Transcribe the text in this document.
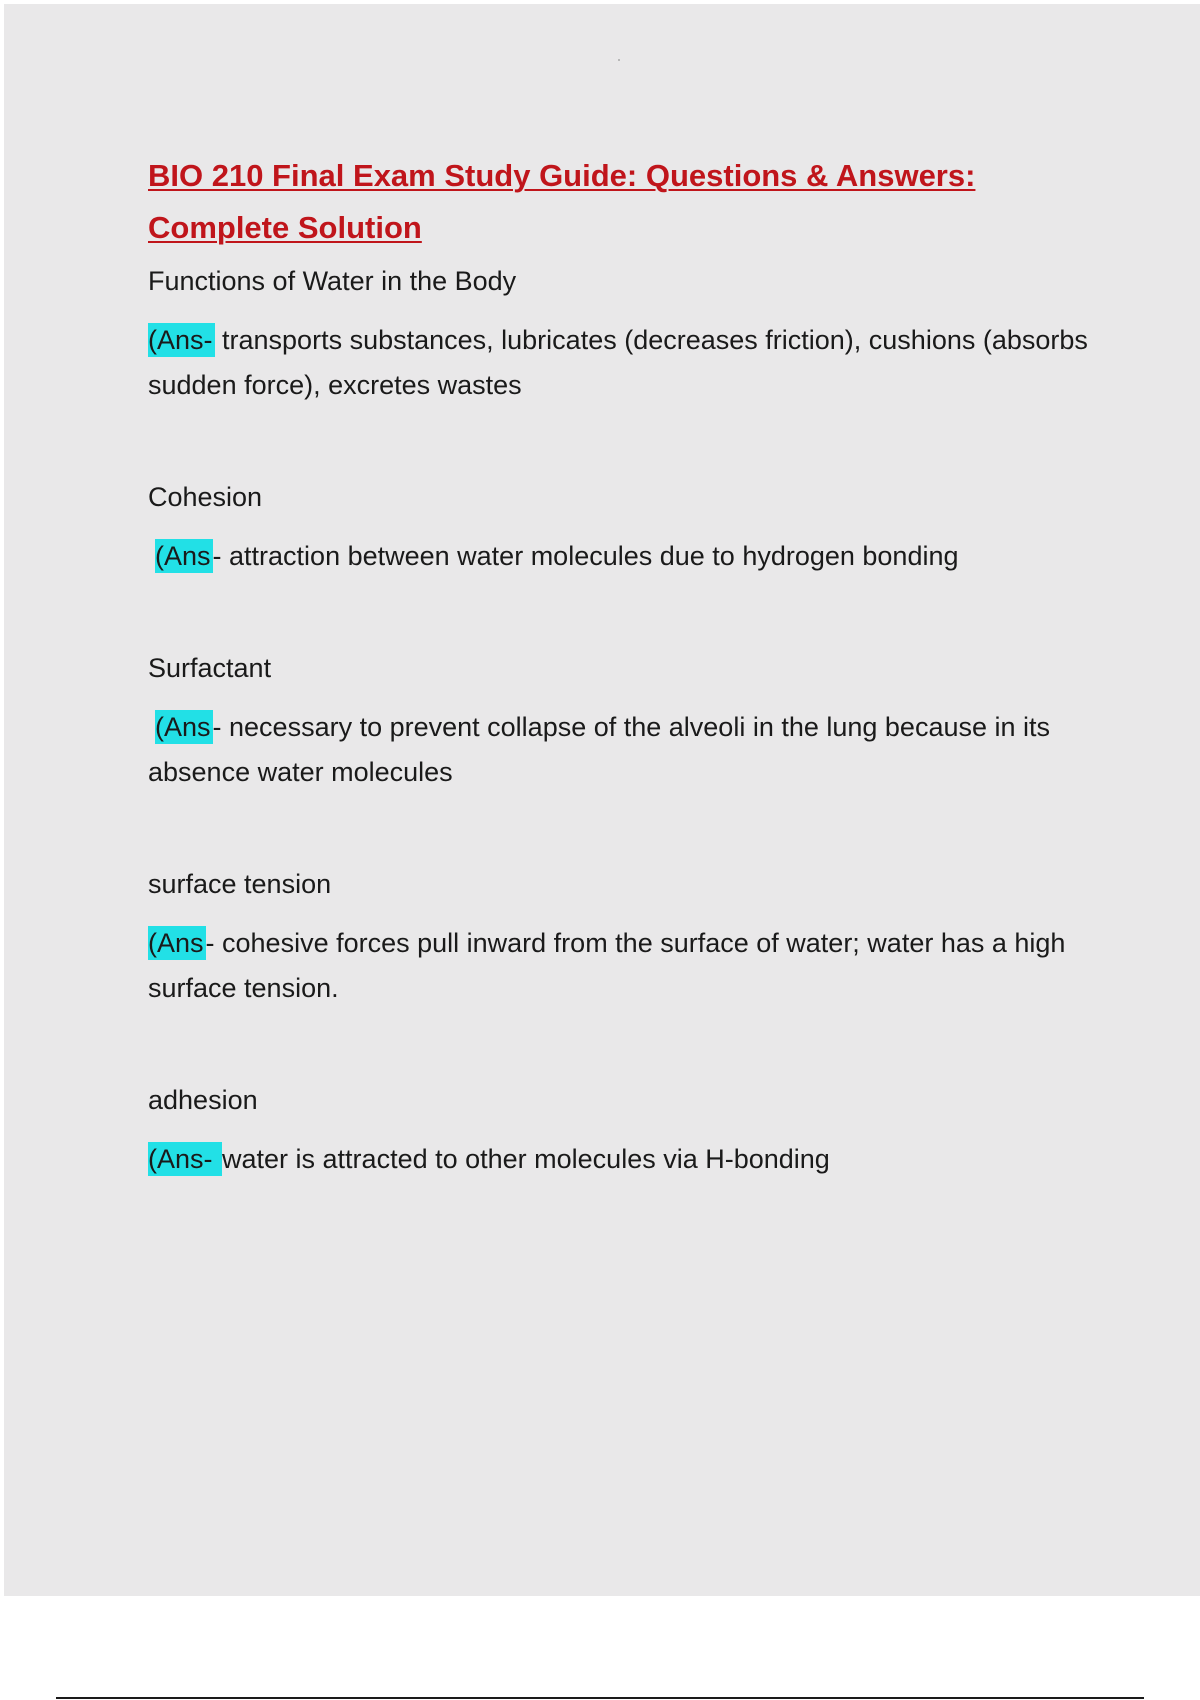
BIO 210 Final Exam Study Guide: Questions & Answers: Complete Solution

Functions of Water in the Body

(Ans- transports substances, lubricates (decreases friction), cushions (absorbs sudden force), excretes wastes

Cohesion

(Ans- attraction between water molecules due to hydrogen bonding

Surfactant

(Ans- necessary to prevent collapse of the alveoli in the lung because in its absence water molecules

surface tension

(Ans- cohesive forces pull inward from the surface of water; water has a high surface tension.

adhesion

(Ans- water is attracted to other molecules via H-bonding
